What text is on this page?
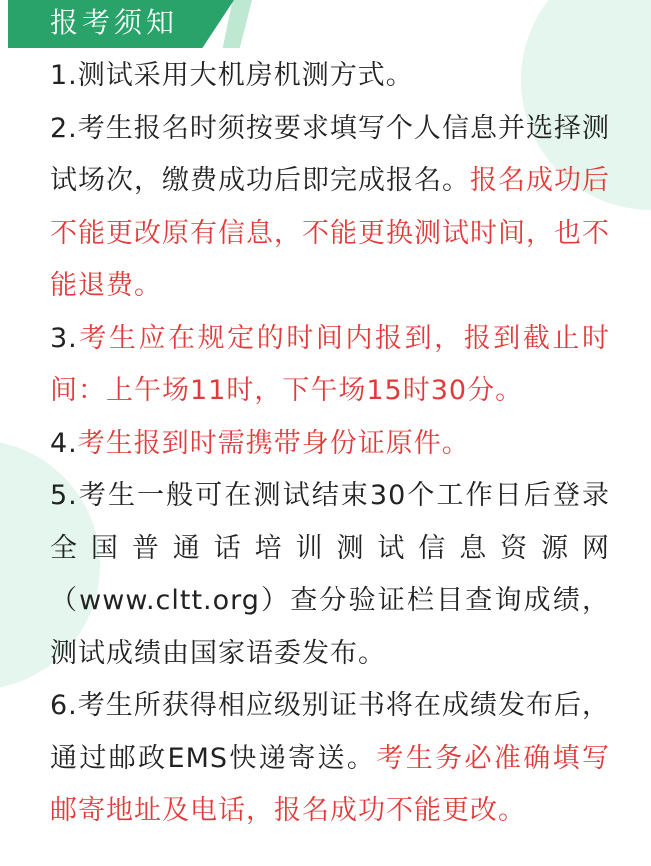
报考须知

1.测试采用大机房机测方式。

2.考生报名时须按要求填写个人信息并选择测试场次，缴费成功后即完成报名。报名成功后不能更改原有信息，不能更换测试时间，也不能退费。

3.考生应在规定的时间内报到，报到截止时间：上午场11时，下午场15时30分。

4.考生报到时需携带身份证原件。

5.考生一般可在测试结束30个工作日后登录全国普通话培训测试信息资源网（www.cltt.org）查分验证栏目查询成绩，测试成绩由国家语委发布。

6.考生所获得相应级别证书将在成绩发布后，通过邮政EMS快递寄送。考生务必准确填写邮寄地址及电话，报名成功不能更改。
